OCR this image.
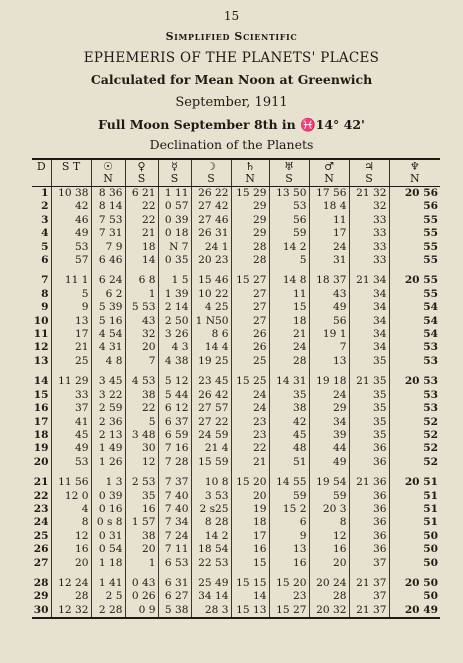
15
Simplified Scientific
EPHEMERIS OF THE PLANETS' PLACES
Calculated for Mean Noon at Greenwich
September, 1911
Full Moon September 8th in ♓14° 42'
Declination of the Planets
D	S T	☉	♀	☿	☽	♄	♅	♂	♃	♆
		N	S	S	S	N	S	N	S	N
1	10 38	8 36	6 21	1 11	26 22	15 29	13 50	17 56	21 32	20 56
2	42	8 14	22	0 57	27 42	29	53	18 4	32	56
3	46	7 53	22	0 39	27 46	29	56	11	33	55
4	49	7 31	21	0 18	26 31	29	59	17	33	55
5	53	7 9	18	N 7	24 1	28	14 2	24	33	55
6	57	6 46	14	0 35	20 23	28	5	31	33	55
7	11 1	6 24	6 8	1 5	15 46	15 27	14 8	18 37	21 34	20 55
8	5	6 2	1	1 39	10 22	27	11	43	34	55
9	9	5 39	5 53	2 14	4 25	27	15	49	34	54
10	13	5 16	43	2 50	1 N50	27	18	56	34	54
11	17	4 54	32	3 26	8 6	26	21	19 1	34	54
12	21	4 31	20	4 3	14 4	26	24	7	34	53
13	25	4 8	7	4 38	19 25	25	28	13	35	53
14	11 29	3 45	4 53	5 12	23 45	15 25	14 31	19 18	21 35	20 53
15	33	3 22	38	5 44	26 42	24	35	24	35	53
16	37	2 59	22	6 12	27 57	24	38	29	35	53
17	41	2 36	5	6 37	27 22	23	42	34	35	52
18	45	2 13	3 48	6 59	24 59	23	45	39	35	52
19	49	1 49	30	7 16	21 4	22	48	44	36	52
20	53	1 26	12	7 28	15 59	21	51	49	36	52
21	11 56	1 3	2 53	7 37	10 8	15 20	14 55	19 54	21 36	20 51
22	12 0	0 39	35	7 40	3 53	20	59	59	36	51
23	4	0 16	16	7 40	2 s25	19	15 2	20 3	36	51
24	8	0 s 8	1 57	7 34	8 28	18	6	8	36	51
25	12	0 31	38	7 24	14 2	17	9	12	36	50
26	16	0 54	20	7 11	18 54	16	13	16	36	50
27	20	1 18	1	6 53	22 53	15	16	20	37	50
28	12 24	1 41	0 43	6 31	25 49	15 15	15 20	20 24	21 37	20 50
29	28	2 5	0 26	6 27	34 14	14	23	28	37	50
30	12 32	2 28	0 9	5 38	28 3	15 13	15 27	20 32	21 37	20 49
